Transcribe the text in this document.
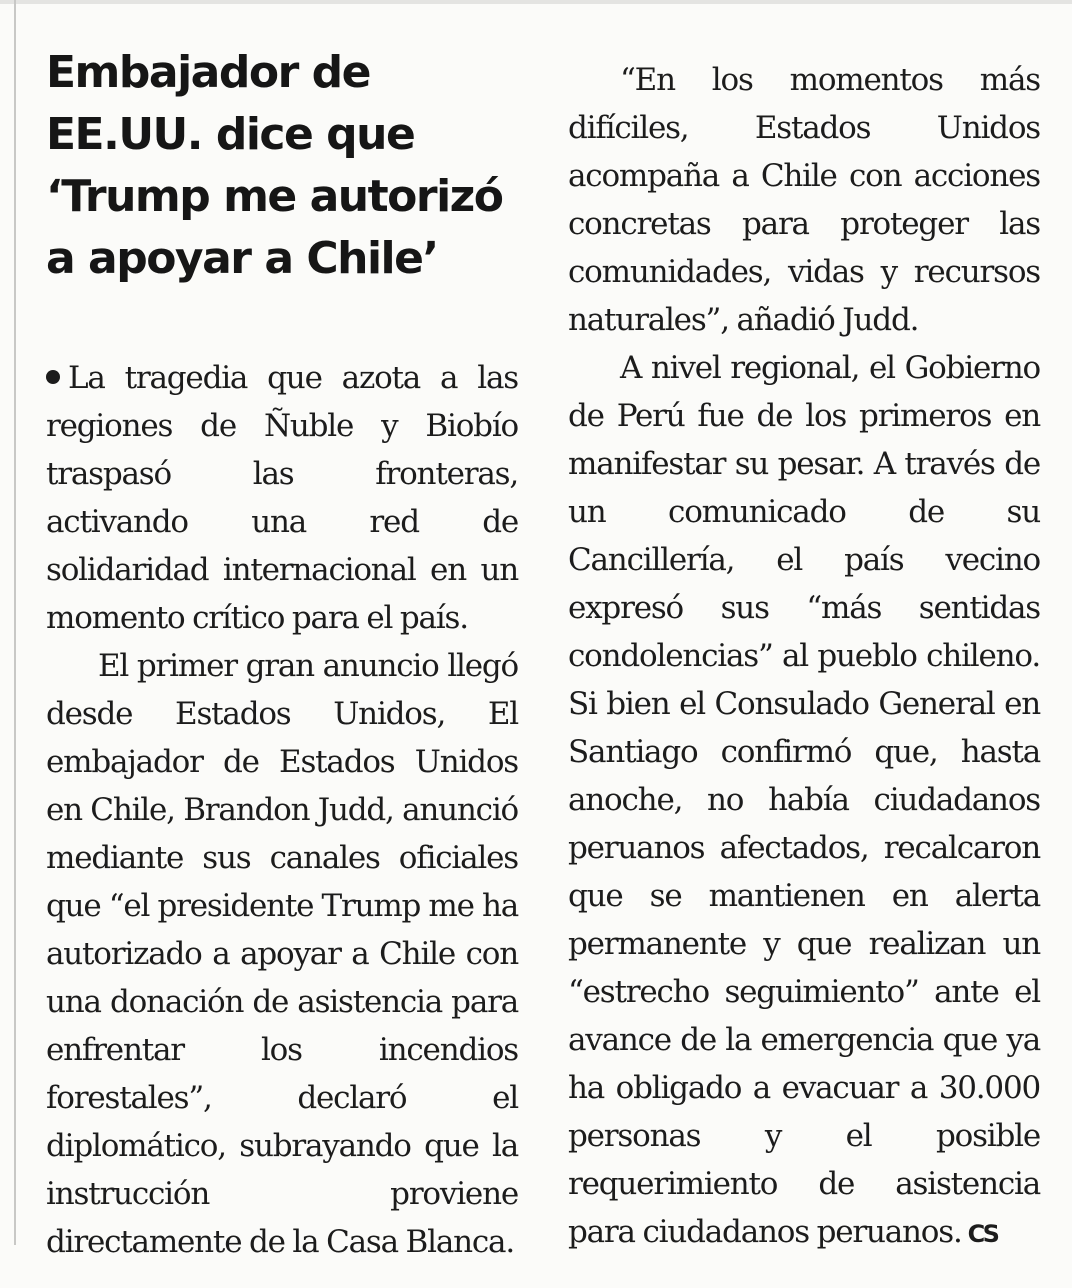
Embajador de EE.UU. dice que ‘Trump me autorizó a apoyar a Chile’

La tragedia que azota a las regiones de Ñuble y Biobío traspasó las fronteras, activando una red de solidaridad internacional en un momento crítico para el país.

El primer gran anuncio llegó desde Estados Unidos, El embajador de Estados Unidos en Chile, Brandon Judd, anunció mediante sus canales oficiales que “el presidente Trump me ha autorizado a apoyar a Chile con una donación de asistencia para enfrentar los incendios forestales”, declaró el diplomático, subrayando que la instrucción proviene directamente de la Casa Blanca.

“En los momentos más difíciles, Estados Unidos acompaña a Chile con acciones concretas para proteger las comunidades, vidas y recursos naturales”, añadió Judd.

A nivel regional, el Gobierno de Perú fue de los primeros en manifestar su pesar. A través de un comunicado de su Cancillería, el país vecino expresó sus “más sentidas condolencias” al pueblo chileno. Si bien el Consulado General en Santiago confirmó que, hasta anoche, no había ciudadanos peruanos afectados, recalcaron que se mantienen en alerta permanente y que realizan un “estrecho seguimiento” ante el avance de la emergencia que ya ha obligado a evacuar a 30.000 personas y el posible requerimiento de asistencia para ciudadanos peruanos. CS
